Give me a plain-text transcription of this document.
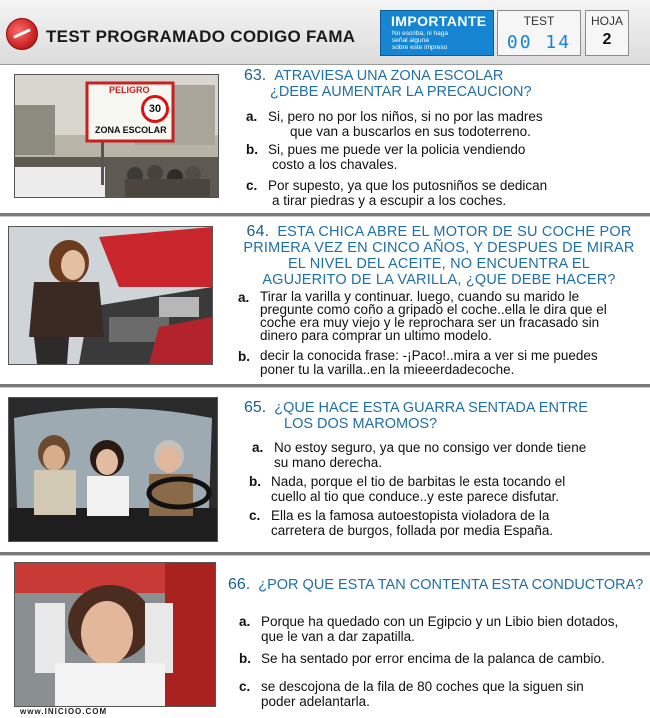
TEST PROGRAMADO CODIGO FAMA
IMPORTANTE
No escriba, ni haga
señal alguna
sobre este impreso
TEST
00 14
HOJA
2
PELIGRO
30
ZONA ESCOLAR
63. ATRAVIESA UNA ZONA ESCOLAR
¿DEBE AUMENTAR LA PRECAUCION?
a. Si, pero no por los niños, si no por las madres
que van a buscarlos en sus todoterreno.
b. Si, pues me puede ver la policia vendiendo
costo a los chavales.
c. Por supesto, ya que los putosniños se dedican
a tirar piedras y a escupir a los coches.
64. ESTA CHICA ABRE EL MOTOR DE SU COCHE POR
PRIMERA VEZ EN CINCO AÑOS, Y DESPUES DE MIRAR
EL NIVEL DEL ACEITE, NO ENCUENTRA EL
AGUJERITO DE LA VARILLA, ¿QUE DEBE HACER?
a. Tirar la varilla y continuar. luego, cuando su marido le
pregunte como coño a gripado el coche..ella le dira que el
coche era muy viejo y le reprochara ser un fracasado sin
dinero para comprar un ultimo modelo.
b. decir la conocida frase: -¡Paco!..mira a ver si me puedes
poner tu la varilla..en la mieeerdadecoche.
65. ¿QUE HACE ESTA GUARRA SENTADA ENTRE
LOS DOS MAROMOS?
a. No estoy seguro, ya que no consigo ver donde tiene
su mano derecha.
b. Nada, porque el tio de barbitas le esta tocando el
cuello al tio que conduce..y este parece disfutar.
c. Ella es la famosa autoestopista violadora de la
carretera de burgos, follada por media España.
66. ¿POR QUE ESTA TAN CONTENTA ESTA CONDUCTORA?
a. Porque ha quedado con un Egipcio y un Libio bien dotados,
que le van a dar zapatilla.
b. Se ha sentado por error encima de la palanca de cambio.
c. se descojona de la fila de 80 coches que la siguen sin
poder adelantarla.
www.INICIOO.COM
